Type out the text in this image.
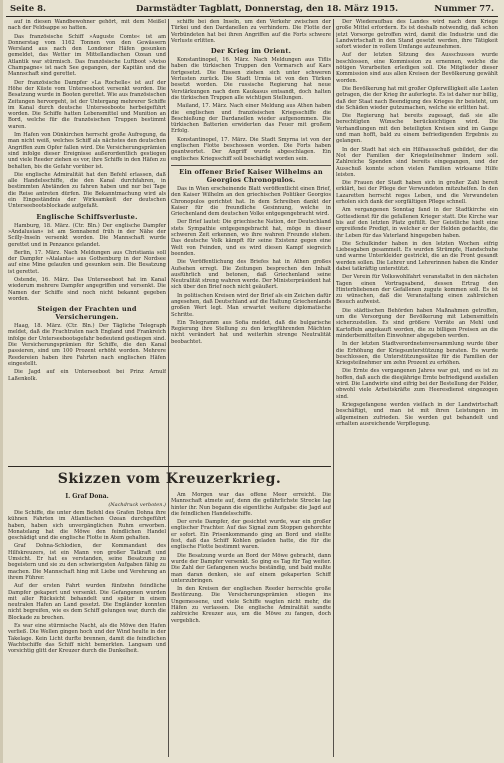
Seite 8.	Darmstädter Tagblatt, Donnerstag, den 18. März 1915.	Nummer 77.

auf in diesen Wandbewohner gehört, mit dem Meißel nach der Feldsappe so hatten.

Das französische Schiff »Auguste Comte« ist am Donnerstag vom 1162 Tonnen von den Gewässern Wersland aus nach den Londoner Häfen gesunken gemeldet, das Wetter im Mittellandischen Ozean und Atlantik war stürmisch. Das französische Luftboot »Aviso Champagne« ist nach See gegangen, der Kapitän und die Mannschaft sind gerettet.

Der französische Dampfer »La Rochelle« ist auf der Höhe der Küste vom Unterseeboot versenkt worden. Die Besatzung wurde in Booten gerettet. Wie aus französischen Zeitungen hervorgeht, ist der Untergang mehrerer Schiffe im Kanal durch deutsche Unterseeboote herbeigeführt worden. Die Schiffe hatten Lebensmittel und Munition an Bord, welche für die französischen Truppen bestimmt waren.

Im Hafen von Dünkirchen herrscht große Aufregung, da man nicht weiß, welches Schiff als nächstes den deutschen Angriffen zum Opfer fallen wird. Die Versicherungsprämien sind infolge dieser Ereignisse außerordentlich gestiegen und viele Reeder ziehen es vor, ihre Schiffe in den Häfen zu behalten, bis die Gefahr vorüber ist.

Die englische Admiralität hat den Befehl erlassen, daß alle Handelsschiffe, die den Kanal durchfahren, in bestimmten Abständen zu fahren haben und nur bei Tage die Reise antreten dürfen. Die Bekanntmachung wird als ein Eingeständnis der Wirksamkeit der deutschen Unterseebootsblockade aufgefaßt.

Englische Schiffsverluste.

Hamburg, 18. März. (Ctr. Bln.) Der englische Dampfer »Andalusian« ist am Sonnabend früh in der Nähe der Scilly-Inseln versenkt worden. Die Mannschaft wurde gerettet und in Penzance gelandet.

Berlin, 17. März. Nach Meldungen aus Christiania soll der Dampfer »Atalanta« aus Gothenburg in der Nordsee auf eine Mine gelaufen und gesunken sein. Die Besatzung ist gerettet.

Ostende, 16. März. Das Unterseeboot hat im Kanal wiederum mehrere Dampfer angegriffen und versenkt. Die Namen der Schiffe sind noch nicht bekannt gegeben worden.

Steigen der Frachten und Versicherungen.

Haag, 18. März. (Ctr. Bln.) Der Tägliche Telegraph meldet, daß die Frachtraten nach England und Frankreich infolge der Unterseebootsgefahr bedeutend gestiegen sind. Die Versicherungsprämien für Schiffe, die den Kanal passieren, sind um 100 Prozent erhöht worden. Mehrere Reedereien haben ihre Fahrten nach englischen Häfen eingestellt.

Die Jagd auf ein Unterseeboot bei Prinz Arnulf Laßenkolk.

schiffe bei den Inseln, um den Verkehr zwischen der Türkei und den Dardanellen zu verhindern. Die Flotte der Verbündeten hat bei ihren Angriffen auf die Forts schwere Verluste erlitten.

Der Krieg im Orient.

Konstantinopel, 16. März. Nach Meldungen aus Tiflis haben die türkischen Truppen den Vormarsch auf Kars fortgesetzt. Die Russen ziehen sich unter schweren Verlusten zurück. Die Stadt Urmia ist von den Türken besetzt worden. Die russische Regierung hat neue Verstärkungen nach dem Kaukasus entsandt, doch halten die türkischen Truppen alle wichtigen Stellungen.

Mailand, 17. März. Nach einer Meldung aus Athen haben die englischen und französischen Kriegsschiffe die Beschießung der Dardanellen wieder aufgenommen. Die türkischen Batterien erwiderten das Feuer mit großem Erfolg.

Konstantinopel, 17. März. Die Stadt Smyrna ist von der englischen Flotte beschossen worden. Die Forts haben geantwortet. Der Angriff wurde abgeschlagen. Ein englisches Kriegsschiff soll beschädigt worden sein.

Ein offener Brief Kaiser Wilhelms an Georgios Chronopulos.

Das in Wien erscheinende Blatt veröffentlicht einen Brief, den Kaiser Wilhelm an den griechischen Politiker Georgios Chronopulos gerichtet hat. In dem Schreiben dankt der Kaiser für die freundliche Gesinnung, welche in Griechenland dem deutschen Volke entgegengebracht wird.

Der Brief lautet: Die griechische Nation, der Deutschland stets Sympathie entgegengebracht hat, möge in dieser schweren Zeit erkennen, wo ihre wahren Freunde stehen. Das deutsche Volk kämpft für seine Existenz gegen eine Welt von Feinden, und es wird diesen Kampf siegreich beenden.

Die Veröffentlichung des Briefes hat in Athen großes Aufsehen erregt. Die Zeitungen besprechen den Inhalt ausführlich und betonen, daß Griechenland seine Neutralität streng wahren werde. Der Ministerpräsident hat sich über den Brief noch nicht geäußert.

In politischen Kreisen wird der Brief als ein Zeichen dafür angesehen, daß Deutschland auf die Haltung Griechenlands großen Wert legt. Man erwartet weitere diplomatische Schritte.

Ein Telegramm aus Sofia meldet, daß die bulgarische Regierung ihre Stellung zu den kriegführenden Mächten nicht verändert hat und weiterhin strenge Neutralität beobachtet.

Skizzen vom Kreuzerkrieg.
I. Graf Dona.
(Nachdruck verboten.)

Die Schiffe, die unter dem Befehl des Grafen Dohna ihre kühnen Fahrten im Atlantischen Ozean durchgeführt haben, haben sich unvergänglichen Ruhm erworben. Monatelang hat die Möwe den feindlichen Handel geschädigt und die englische Flotte in Atem gehalten.

Graf Dohna-Schlodien, der Kommandant des Hilfskreuzers, ist ein Mann von großer Tatkraft und Umsicht. Er hat es verstanden, seine Besatzung zu begeistern und sie zu den schwierigsten Aufgaben fähig zu machen. Die Mannschaft hing mit Liebe und Verehrung an ihrem Führer.

Auf der ersten Fahrt wurden fünfzehn feindliche Dampfer gekapert und versenkt. Die Gefangenen wurden mit aller Rücksicht behandelt und später in einem neutralen Hafen an Land gesetzt. Die Engländer konnten nicht begreifen, wie es dem Schiff gelungen war, durch die Blockade zu brechen.

Es war eine stürmische Nacht, als die Möwe den Hafen verließ. Die Wellen gingen hoch und der Wind heulte in der Takelage. Kein Licht durfte brennen, damit die feindlichen Wachtschiffe das Schiff nicht bemerkten. Langsam und vorsichtig glitt der Kreuzer durch die Dunkelheit.

Am Morgen war das offene Meer erreicht. Die Mannschaft atmete auf, denn die gefährlichste Strecke lag hinter ihr. Nun begann die eigentliche Aufgabe: die Jagd auf die feindlichen Handelsschiffe.

Der erste Dampfer, der gesichtet wurde, war ein großer englischer Frachter. Auf das Signal zum Stoppen gehorchte er sofort. Ein Prisenkommando ging an Bord und stellte fest, daß das Schiff Kohlen geladen hatte, die für die englische Flotte bestimmt waren.

Die Besatzung wurde an Bord der Möwe gebracht, dann wurde der Dampfer versenkt. So ging es Tag für Tag weiter. Die Zahl der Gefangenen wuchs beständig, und bald mußte man daran denken, sie auf einem gekaperten Schiff unterzubringen.

In den Kreisen der englischen Reeder herrschte große Bestürzung. Die Versicherungsprämien stiegen ins Ungemessene, und viele Schiffe wagten nicht mehr, die Häfen zu verlassen. Die englische Admiralität sandte zahlreiche Kreuzer aus, um die Möwe zu fangen, doch vergeblich.

Der Wiederaufbau des Landes wird nach dem Kriege große Mittel erfordern. Es ist deshalb notwendig, daß schon jetzt Vorsorge getroffen wird, damit die Industrie und die Landwirtschaft in den Stand gesetzt werden, ihre Tätigkeit sofort wieder in vollem Umfange aufzunehmen.

Auf der letzten Sitzung des Ausschusses wurde beschlossen, eine Kommission zu ernennen, welche die nötigen Vorarbeiten erledigen soll. Die Mitglieder dieser Kommission sind aus allen Kreisen der Bevölkerung gewählt worden.

Die Bevölkerung hat mit großer Opferwilligkeit alle Lasten getragen, die der Krieg ihr auferlegte. Es ist daher nur billig, daß der Staat nach Beendigung des Krieges ihr beisteht, um die Schäden wieder gutzumachen, welche sie erlitten hat.

Die Regierung hat bereits zugesagt, daß sie alle berechtigten Wünsche berücksichtigen wird. Die Verhandlungen mit den beteiligten Kreisen sind im Gange und man hofft, bald zu einem befriedigenden Ergebnis zu gelangen.

In der Stadt hat sich ein Hilfsausschuß gebildet, der die Not der Familien der Kriegsteilnehmer lindern soll. Zahlreiche Spenden sind bereits eingegangen, und der Ausschuß konnte schon vielen Familien wirksame Hilfe leisten.

Die Frauen der Stadt haben sich in großer Zahl bereit erklärt, bei der Pflege der Verwundeten mitzuhelfen. In den Lazaretten herrscht reges Leben, und die Verwundeten erholen sich dank der sorgfältigen Pflege schnell.

Am vergangenen Sonntag fand in der Stadtkirche ein Gottesdienst für die gefallenen Krieger statt. Die Kirche war bis auf den letzten Platz gefüllt. Der Geistliche hielt eine ergreifende Predigt, in welcher er der Helden gedachte, die ihr Leben für das Vaterland hingegeben haben.

Die Schulkinder haben in den letzten Wochen eifrig Liebesgaben gesammelt. Es wurden Strümpfe, Handschuhe und warme Unterkleider gestrickt, die an die Front gesandt werden sollen. Die Lehrer und Lehrerinnen haben die Kinder dabei tatkräftig unterstützt.

Der Verein für Volkswohlfahrt veranstaltet in den nächsten Tagen einen Vortragsabend, dessen Ertrag den Hinterbliebenen der Gefallenen zugute kommen soll. Es ist zu wünschen, daß die Veranstaltung einen zahlreichen Besuch aufweist.

Die städtischen Behörden haben Maßnahmen getroffen, um die Versorgung der Bevölkerung mit Lebensmitteln sicherzustellen. Es sind größere Vorräte an Mehl und Kartoffeln angekauft worden, die zu billigen Preisen an die minderbemittelten Einwohner abgegeben werden.

In der letzten Stadtverordnetenversammlung wurde über die Erhöhung der Kriegsunterstützung beraten. Es wurde beschlossen, die Unterstützungssätze für die Familien der Kriegsteilnehmer um zehn Prozent zu erhöhen.

Die Ernte des vergangenen Jahres war gut, und es ist zu hoffen, daß auch die diesjährige Ernte befriedigend ausfallen wird. Die Landwirte sind eifrig bei der Bestellung der Felder, obwohl viele Arbeitskräfte zum Heeresdienst eingezogen sind.

Kriegsgefangene werden vielfach in der Landwirtschaft beschäftigt, und man ist mit ihren Leistungen im allgemeinen zufrieden. Sie werden gut behandelt und erhalten ausreichende Verpflegung.
